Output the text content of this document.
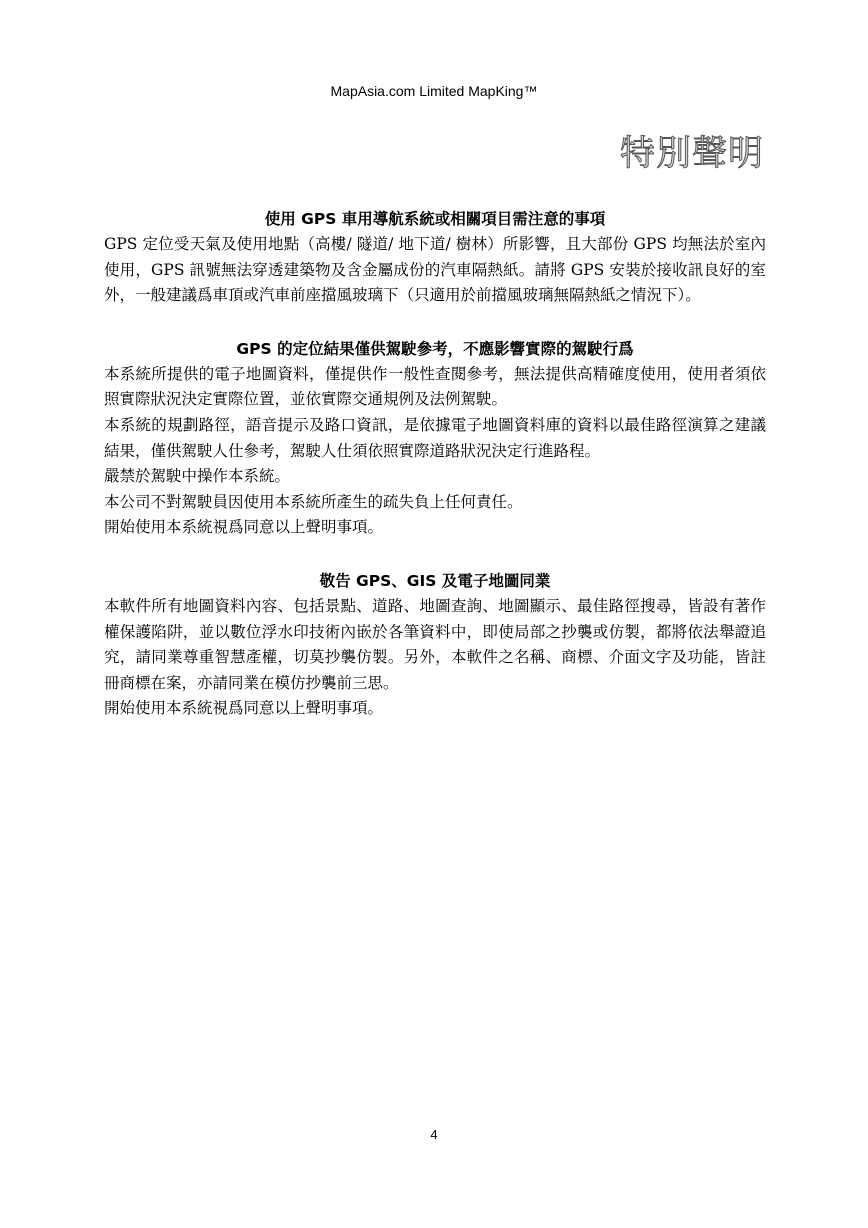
MapAsia.com Limited MapKing™
特別聲明
使用 GPS 車用導航系統或相關項目需注意的事項

GPS 定位受天氣及使用地點（高樓/ 隧道/ 地下道/ 樹林）所影響，且大部份 GPS 均無法於室內使用，GPS 訊號無法穿透建築物及含金屬成份的汽車隔熱紙。請將 GPS 安裝於接收訊良好的室外，一般建議爲車頂或汽車前座擋風玻璃下（只適用於前擋風玻璃無隔熱紙之情況下）。

GPS 的定位結果僅供駕駛參考，不應影響實際的駕駛行爲

本系統所提供的電子地圖資料，僅提供作一般性查閱參考，無法提供高精確度使用，使用者須依照實際狀況決定實際位置，並依實際交通規例及法例駕駛。

本系統的規劃路徑，語音提示及路口資訊，是依據電子地圖資料庫的資料以最佳路徑演算之建議結果，僅供駕駛人仕參考，駕駛人仕須依照實際道路狀況決定行進路程。

嚴禁於駕駛中操作本系統。

本公司不對駕駛員因使用本系統所產生的疏失負上任何責任。

開始使用本系統視爲同意以上聲明事項。

敬告 GPS、GIS 及電子地圖同業

本軟件所有地圖資料內容、包括景點、道路、地圖查詢、地圖顯示、最佳路徑搜尋，皆設有著作權保護陷阱，並以數位浮水印技術內嵌於各筆資料中，即使局部之抄襲或仿製，都將依法舉證追究，請同業尊重智慧產權，切莫抄襲仿製。另外，本軟件之名稱、商標、介面文字及功能，皆註冊商標在案，亦請同業在模仿抄襲前三思。

開始使用本系統視爲同意以上聲明事項。

4
